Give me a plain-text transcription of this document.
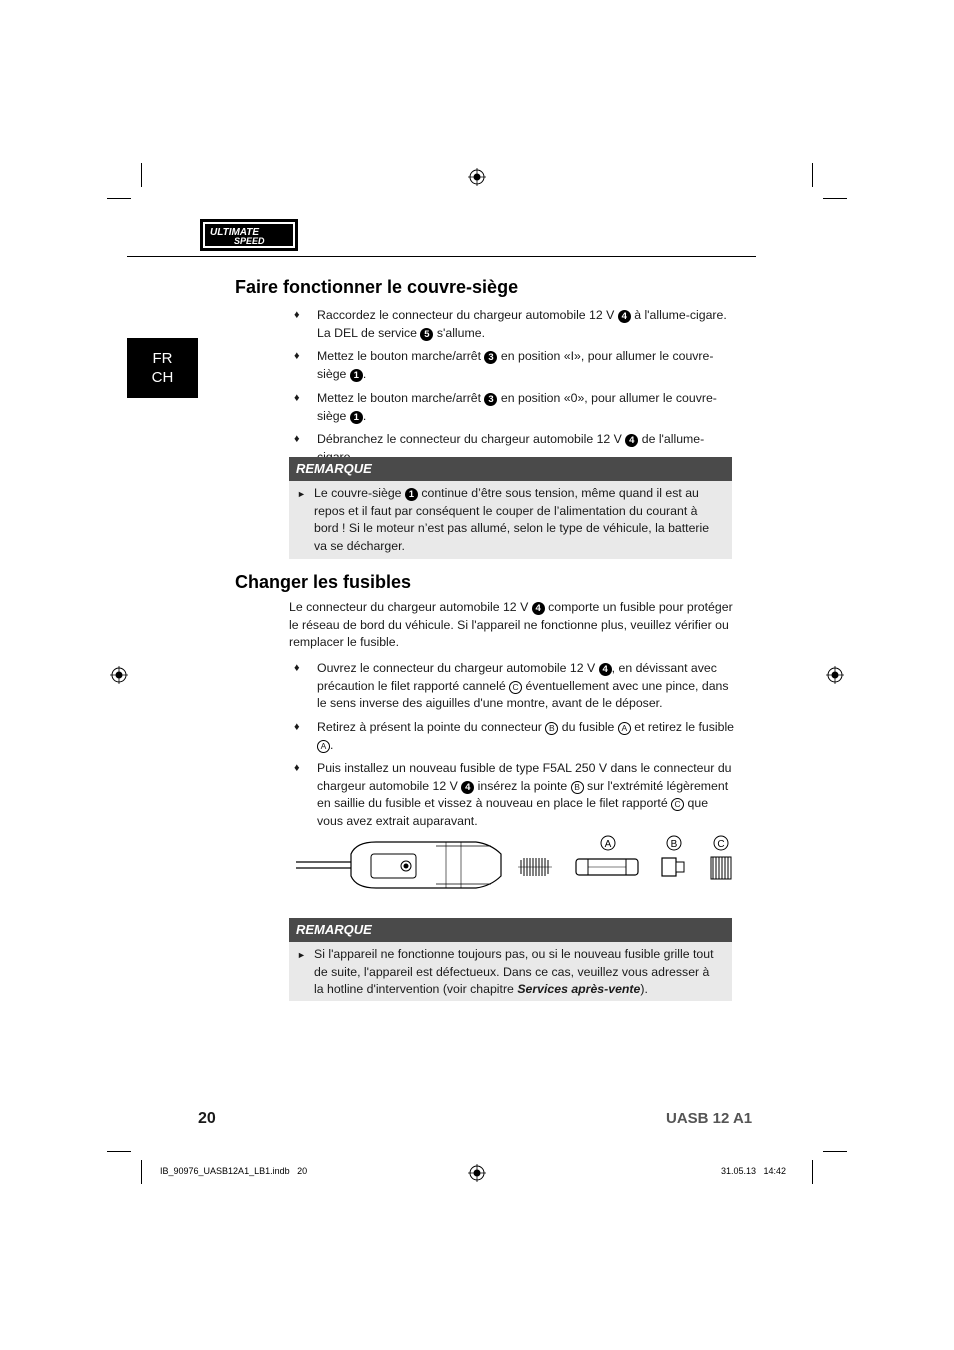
ULTIMATE
SPEED
FR
CH
Faire fonctionner le couvre-siège
♦ Raccordez le connecteur du chargeur automobile 12 V 4 à l'allume-cigare. La DEL de service 5 s'allume.
♦ Mettez le bouton marche/arrêt 3 en position «I», pour allumer le couvre-siège 1 .
♦ Mettez le bouton marche/arrêt 3 en position «0», pour allumer le couvre-siège 1 .
♦ Débranchez le connecteur du chargeur automobile 12 V 4 de l'allume-
REMARQUE
► Le couvre-siège 1 continue d’être sous tension, même quand il est au repos et il faut par conséquent le couper de l’alimentation du courant à bord ! Si le moteur n’est pas allumé, selon le type de véhicule, la batterie va se décharger.
Changer les fusibles
Le connecteur du chargeur automobile 12 V 4 comporte un fusible pour protéger le réseau de bord du véhicule. Si l'appareil ne fonctionne plus, veuillez vérifier ou remplacer le fusible.
♦ Ouvrez le connecteur du chargeur automobile 12 V 4 , en dévissant avec précaution le filet rapporté cannelé C éventuellement avec une pince, dans le sens inverse des aiguilles d'une montre, avant de le déposer.
♦ Retirez à présent la pointe du connecteur B du fusible A et retirez le fusible A .
♦ Puis installez un nouveau fusible de type F5AL 250 V dans le connecteur du chargeur automobile 12 V 4 insérez la pointe B sur l'extrémité légèrement en saillie du fusible et vissez à nouveau en place le filet rapporté C que vous avez extrait auparavant.
A	B	C
REMARQUE
► Si l'appareil ne fonctionne toujours pas, ou si le nouveau fusible grille tout de suite, l'appareil est défectueux. Dans ce cas, veuillez vous adresser à la hotline d'intervention (voir chapitre Services après-vente).
20	UASB 12 A1
IB_90976_UASB12A1_LB1.indb   20	31.05.13   14:42
